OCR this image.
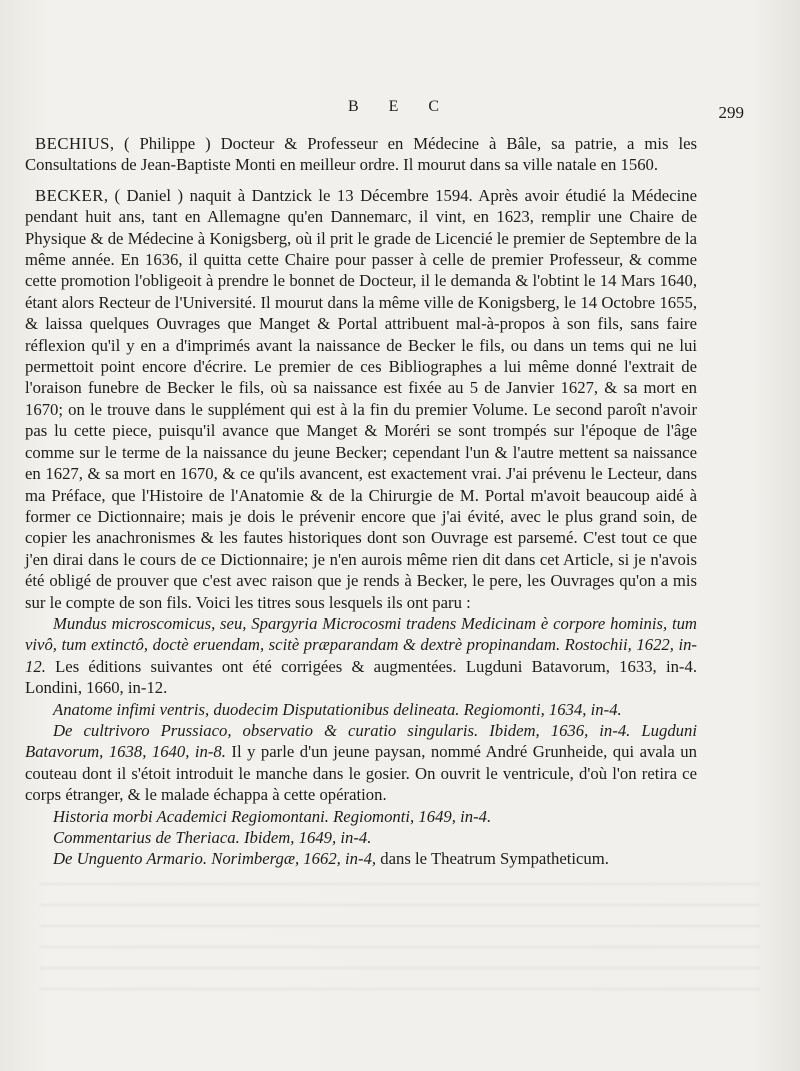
B E C	299

BECHIUS, ( Philippe ) Docteur & Professeur en Médecine à Bâle, sa patrie, a mis les Consultations de Jean-Baptiste Monti en meilleur ordre. Il mourut dans sa ville natale en 1560.

BECKER, ( Daniel ) naquit à Dantzick le 13 Décembre 1594. Après avoir étudié la Médecine pendant huit ans, tant en Allemagne qu'en Dannemarc, il vint, en 1623, remplir une Chaire de Physique & de Médecine à Konigsberg, où il prit le grade de Licencié le premier de Septembre de la même année. En 1636, il quitta cette Chaire pour passer à celle de premier Professeur, & comme cette promotion l'obligeoit à prendre le bonnet de Docteur, il le demanda & l'obtint le 14 Mars 1640, étant alors Recteur de l'Université. Il mourut dans la même ville de Konigsberg, le 14 Octobre 1655, & laissa quelques Ouvrages que Manget & Portal attribuent mal-à-propos à son fils, sans faire réflexion qu'il y en a d'imprimés avant la naissance de Becker le fils, ou dans un tems qui ne lui permettoit point encore d'écrire. Le premier de ces Bibliographes a lui même donné l'extrait de l'oraison funebre de Becker le fils, où sa naissance est fixée au 5 de Janvier 1627, & sa mort en 1670; on le trouve dans le supplément qui est à la fin du premier Volume. Le second paroît n'avoir pas lu cette piece, puisqu'il avance que Manget & Moréri se sont trompés sur l'époque de l'âge comme sur le terme de la naissance du jeune Becker; cependant l'un & l'autre mettent sa naissance en 1627, & sa mort en 1670, & ce qu'ils avancent, est exactement vrai. J'ai prévenu le Lecteur, dans ma Préface, que l'Histoire de l'Anatomie & de la Chirurgie de M. Portal m'avoit beaucoup aidé à former ce Dictionnaire; mais je dois le prévenir encore que j'ai évité, avec le plus grand soin, de copier les anachronismes & les fautes historiques dont son Ouvrage est parsemé. C'est tout ce que j'en dirai dans le cours de ce Dictionnaire; je n'en aurois même rien dit dans cet Article, si je n'avois été obligé de prouver que c'est avec raison que je rends à Becker, le pere, les Ouvrages qu'on a mis sur le compte de son fils. Voici les titres sous lesquels ils ont paru :

Mundus microscomicus, seu, Spargyria Microcosmi tradens Medicinam è corpore hominis, tum vivô, tum extinctô, doctè eruendam, scitè præparandam & dextrè propinandam. Rostochii, 1622, in-12. Les éditions suivantes ont été corrigées & augmentées. Lugduni Batavorum, 1633, in-4. Londini, 1660, in-12.

Anatome infimi ventris, duodecim Disputationibus delineata. Regiomonti, 1634, in-4.

De cultrivoro Prussiaco, observatio & curatio singularis. Ibidem, 1636, in-4. Lugduni Batavorum, 1638, 1640, in-8. Il y parle d'un jeune paysan, nommé André Grunheide, qui avala un couteau dont il s'étoit introduit le manche dans le gosier. On ouvrit le ventricule, d'où l'on retira ce corps étranger, & le malade échappa à cette opération.

Historia morbi Academici Regiomontani. Regiomonti, 1649, in-4.

Commentarius de Theriaca. Ibidem, 1649, in-4.

De Unguento Armario. Norimbergæ, 1662, in-4, dans le Theatrum Sympatheticum.
